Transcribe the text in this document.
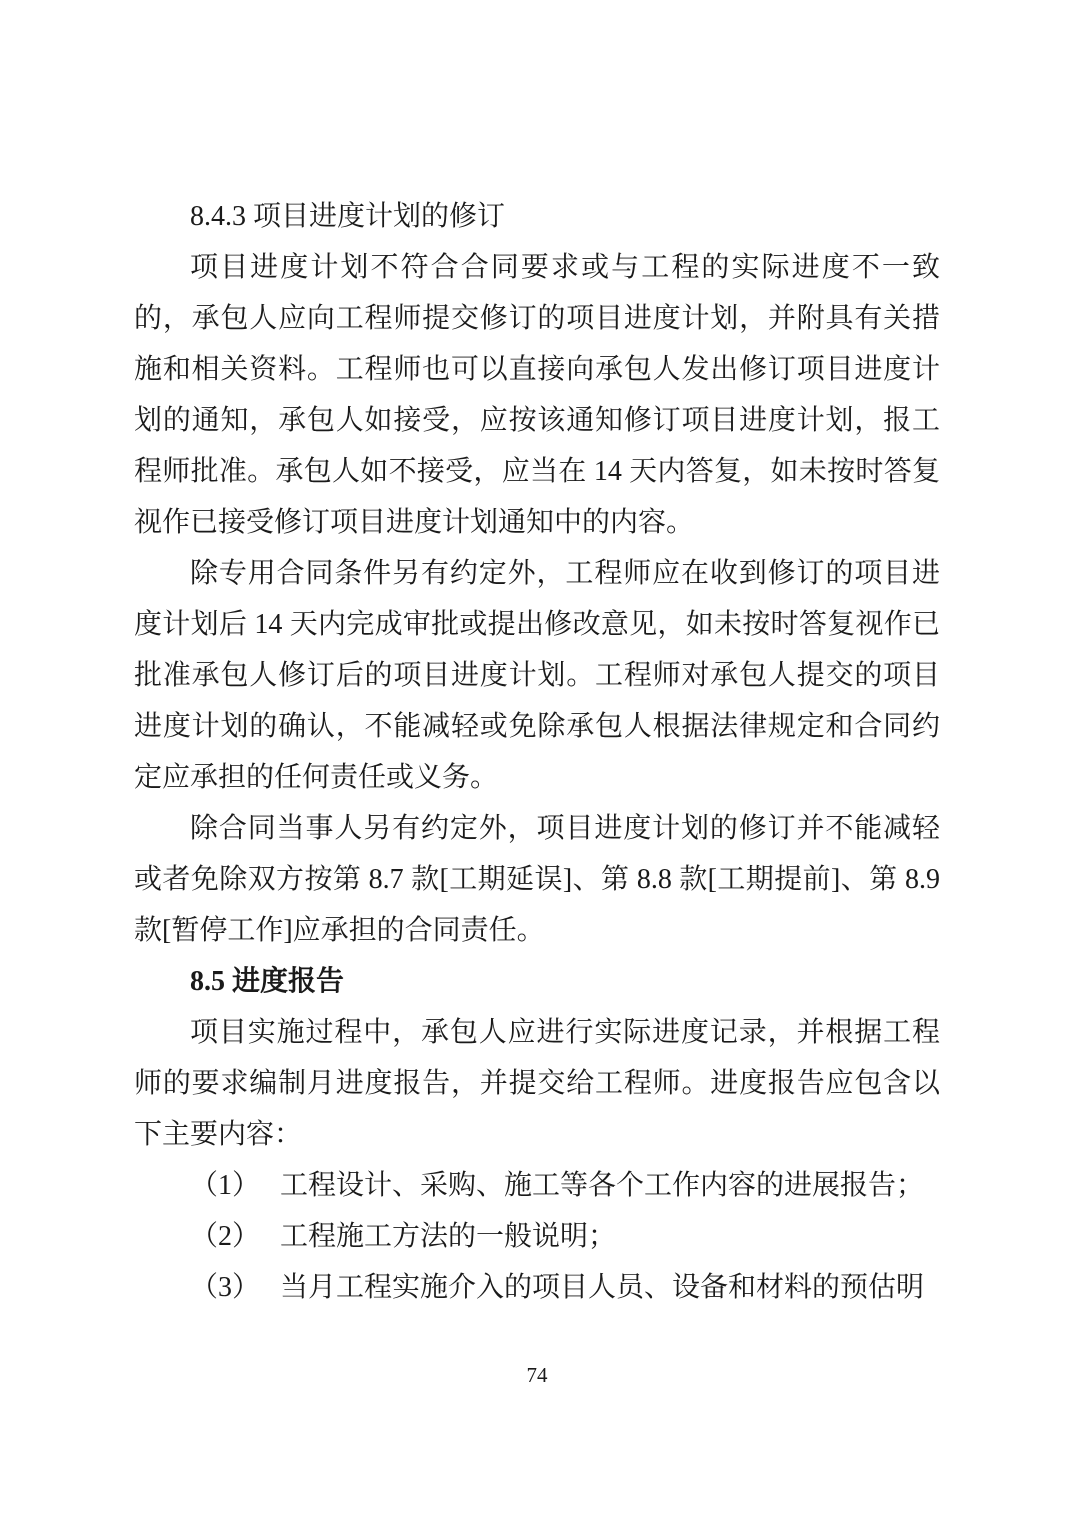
8.4.3 项目进度计划的修订

项目进度计划不符合合同要求或与工程的实际进度不一致的，承包人应向工程师提交修订的项目进度计划，并附具有关措施和相关资料。工程师也可以直接向承包人发出修订项目进度计划的通知，承包人如接受，应按该通知修订项目进度计划，报工程师批准。承包人如不接受，应当在 14 天内答复，如未按时答复视作已接受修订项目进度计划通知中的内容。

除专用合同条件另有约定外，工程师应在收到修订的项目进度计划后 14 天内完成审批或提出修改意见，如未按时答复视作已批准承包人修订后的项目进度计划。工程师对承包人提交的项目进度计划的确认，不能减轻或免除承包人根据法律规定和合同约定应承担的任何责任或义务。

除合同当事人另有约定外，项目进度计划的修订并不能减轻或者免除双方按第 8.7 款[工期延误]、第 8.8 款[工期提前]、第 8.9 款[暂停工作]应承担的合同责任。

8.5 进度报告

项目实施过程中，承包人应进行实际进度记录，并根据工程师的要求编制月进度报告，并提交给工程师。进度报告应包含以下主要内容：

（1） 工程设计、采购、施工等各个工作内容的进展报告；
（2） 工程施工方法的一般说明；
（3） 当月工程实施介入的项目人员、设备和材料的预估明
74
